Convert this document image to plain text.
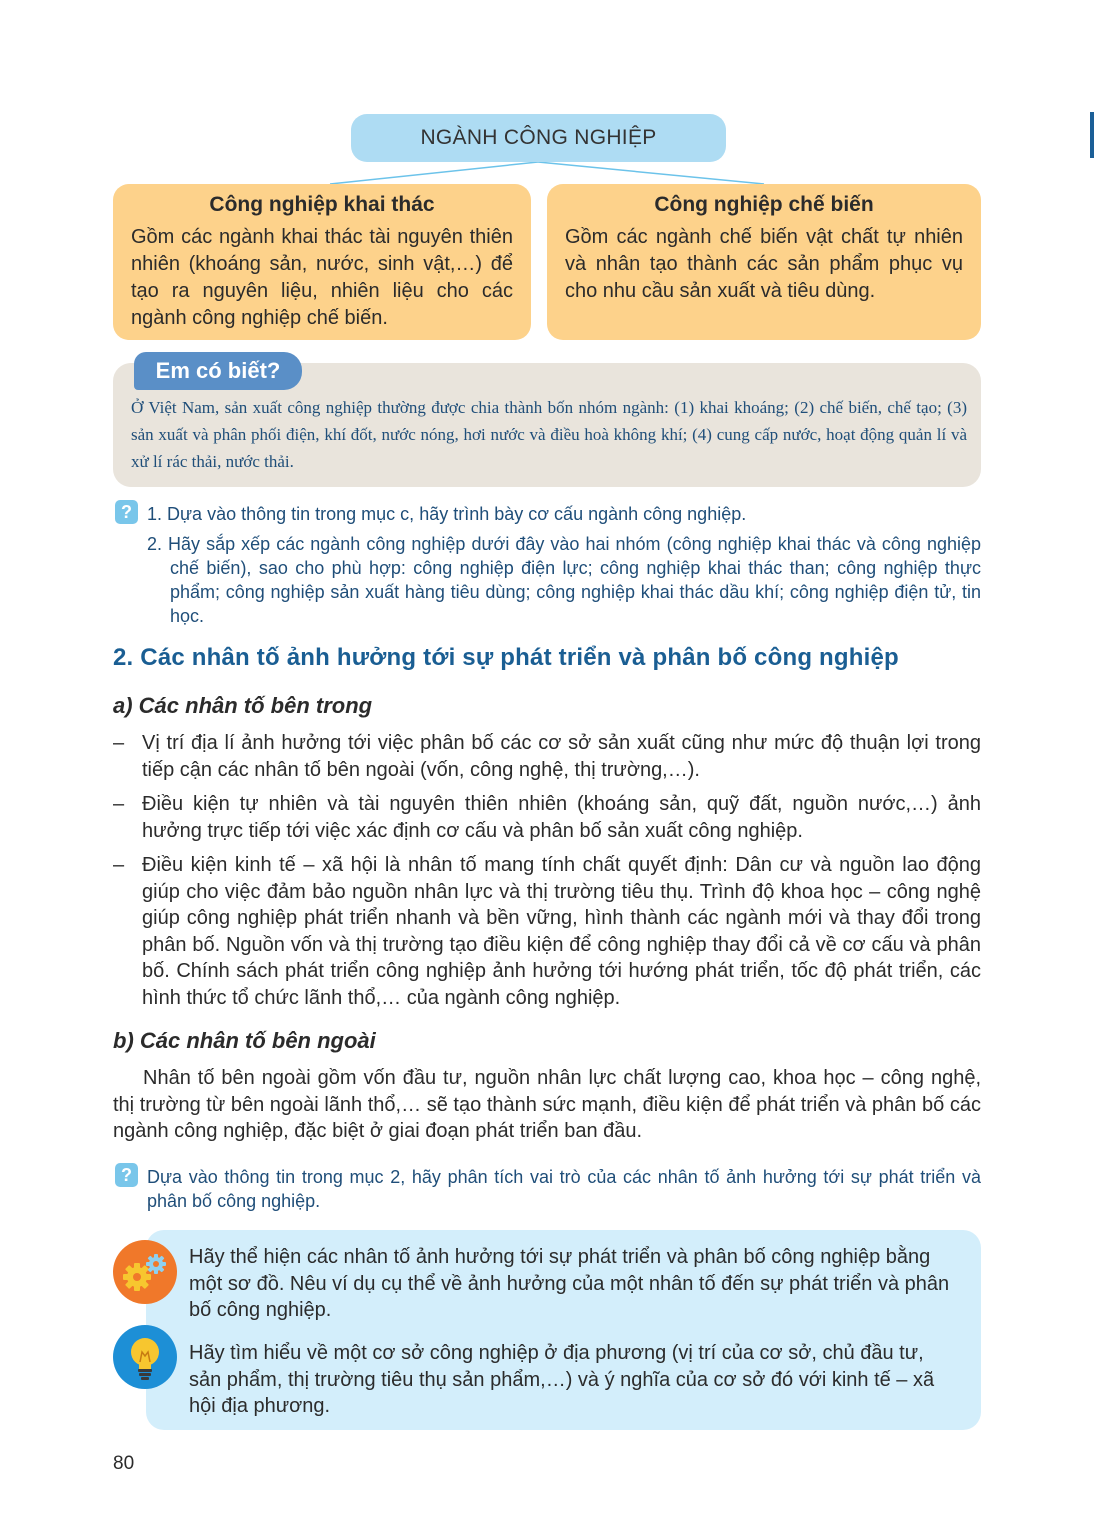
NGÀNH CÔNG NGHIỆP
Công nghiệp khai thác
Gồm các ngành khai thác tài nguyên thiên nhiên (khoáng sản, nước, sinh vật,…) để tạo ra nguyên liệu, nhiên liệu cho các ngành công nghiệp chế biến.
Công nghiệp chế biến
Gồm các ngành chế biến vật chất tự nhiên và nhân tạo thành các sản phẩm phục vụ cho nhu cầu sản xuất và tiêu dùng.
Em có biết?
Ở Việt Nam, sản xuất công nghiệp thường được chia thành bốn nhóm ngành: (1) khai khoáng; (2) chế biến, chế tạo; (3) sản xuất và phân phối điện, khí đốt, nước nóng, hơi nước và điều hoà không khí; (4) cung cấp nước, hoạt động quản lí và xử lí rác thải, nước thải.
? 1. Dựa vào thông tin trong mục c, hãy trình bày cơ cấu ngành công nghiệp.
2. Hãy sắp xếp các ngành công nghiệp dưới đây vào hai nhóm (công nghiệp khai thác và công nghiệp chế biến), sao cho phù hợp: công nghiệp điện lực; công nghiệp khai thác than; công nghiệp thực phẩm; công nghiệp sản xuất hàng tiêu dùng; công nghiệp khai thác dầu khí; công nghiệp điện tử, tin học.
2. Các nhân tố ảnh hưởng tới sự phát triển và phân bố công nghiệp
a) Các nhân tố bên trong
– Vị trí địa lí ảnh hưởng tới việc phân bố các cơ sở sản xuất cũng như mức độ thuận lợi trong tiếp cận các nhân tố bên ngoài (vốn, công nghệ, thị trường,…).
– Điều kiện tự nhiên và tài nguyên thiên nhiên (khoáng sản, quỹ đất, nguồn nước,…) ảnh hưởng trực tiếp tới việc xác định cơ cấu và phân bố sản xuất công nghiệp.
– Điều kiện kinh tế – xã hội là nhân tố mang tính chất quyết định: Dân cư và nguồn lao động giúp cho việc đảm bảo nguồn nhân lực và thị trường tiêu thụ. Trình độ khoa học – công nghệ giúp công nghiệp phát triển nhanh và bền vững, hình thành các ngành mới và thay đổi trong phân bố. Nguồn vốn và thị trường tạo điều kiện để công nghiệp thay đổi cả về cơ cấu và phân bố. Chính sách phát triển công nghiệp ảnh hưởng tới hướng phát triển, tốc độ phát triển, các hình thức tổ chức lãnh thổ,… của ngành công nghiệp.
b) Các nhân tố bên ngoài
Nhân tố bên ngoài gồm vốn đầu tư, nguồn nhân lực chất lượng cao, khoa học – công nghệ, thị trường từ bên ngoài lãnh thổ,… sẽ tạo thành sức mạnh, điều kiện để phát triển và phân bố các ngành công nghiệp, đặc biệt ở giai đoạn phát triển ban đầu.
? Dựa vào thông tin trong mục 2, hãy phân tích vai trò của các nhân tố ảnh hưởng tới sự phát triển và phân bố công nghiệp.
Hãy thể hiện các nhân tố ảnh hưởng tới sự phát triển và phân bố công nghiệp bằng một sơ đồ. Nêu ví dụ cụ thể về ảnh hưởng của một nhân tố đến sự phát triển và phân bố công nghiệp.
Hãy tìm hiểu về một cơ sở công nghiệp ở địa phương (vị trí của cơ sở, chủ đầu tư, sản phẩm, thị trường tiêu thụ sản phẩm,…) và ý nghĩa của cơ sở đó với kinh tế – xã hội địa phương.
80
